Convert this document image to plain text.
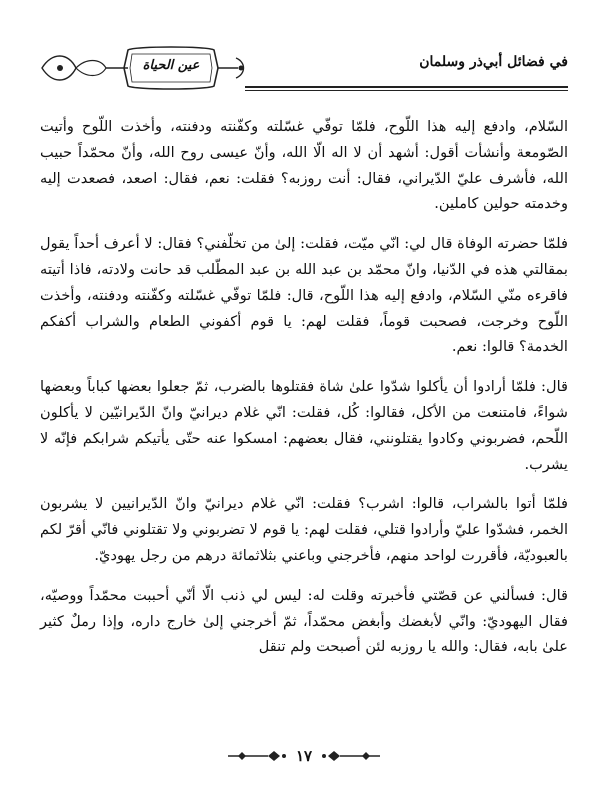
في فضائل أبي‌ذر وسلمان
عين الحياة

السّلام، وادفع إليه هذا اللّوح، فلمّا توفّي غسّلته وكفّنته ودفنته، وأخذت اللّوح وأتيت الصّومعة وأنشأت أقول: أشهد أن لا اله الّا الله، وأنّ عيسى روح الله، وأنّ محمّداً حبيب الله، فأشرف عليّ الدّيراني، فقال: أنت روزبه؟ فقلت: نعم، فقال: اصعد، فصعدت إليه وخدمته حولين كاملين.

فلمّا حضرته الوفاة قال لي: انّي ميّت، فقلت: إلىٰ من تخلّفني؟ فقال: لا أعرف أحداً يقول بمقالتي هذه في الدّنيا، وانّ محمّد بن عبد الله بن عبد المطّلب قد حانت ولادته، فاذا أتيته فاقرءه منّي السّلام، وادفع إليه هذا اللّوح، قال: فلمّا توفّي غسّلته وكفّنته ودفنته، وأخذت اللّوح وخرجت، فصحبت قوماً، فقلت لهم: يا قوم أكفوني الطعام والشراب أكفكم الخدمة؟ قالوا: نعم.

قال: فلمّا أرادوا أن يأكلوا شدّوا علىٰ شاة فقتلوها بالضرب، ثمّ جعلوا بعضها كباباً وبعضها شواءً، فامتنعت من الأكل، فقالوا: كُل، فقلت: انّي غلام ديرانيّ وانّ الدّيرانيّين لا يأكلون اللّحم، فضربوني وكادوا يقتلونني، فقال بعضهم: امسكوا عنه حتّى يأتيكم شرابكم فإنّه لا يشرب.

فلمّا أتوا بالشراب، قالوا: اشرب؟ فقلت: انّي غلام ديرانيّ وانّ الدّيرانيين لا يشربون الخمر، فشدّوا عليّ وأرادوا قتلي، فقلت لهم: يا قوم لا تضربوني ولا تقتلوني فانّي أقرّ لكم بالعبوديّة، فأقررت لواحد منهم، فأخرجني وباعني بثلاثمائة درهم من رجل يهوديّ.

قال: فسألني عن قصّتي فأخبرته وقلت له: ليس لي ذنب الّا أنّي أحببت محمّداً ووصيّه، فقال اليهوديّ: وانّي لأبغضك وأبغض محمّداً، ثمّ أخرجني إلىٰ خارج داره، وإذا رملٌ كثير علىٰ بابه، فقال: والله يا روزبه لئن أصبحت ولم تنقل

١٧
